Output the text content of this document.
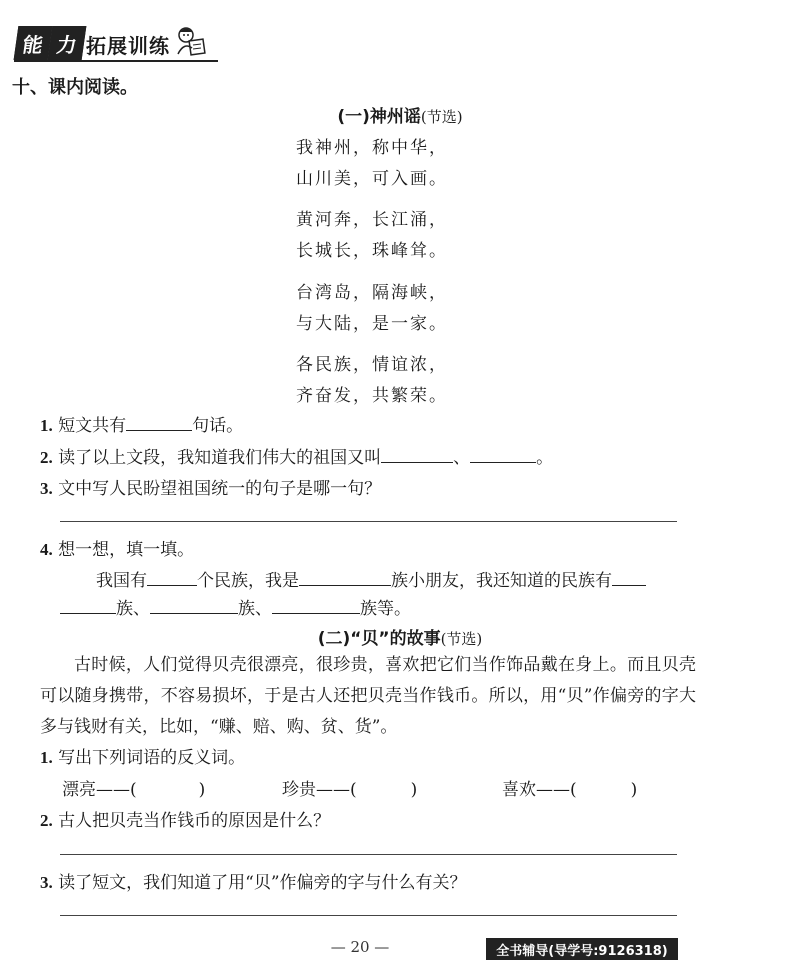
能 力 拓展训练
十、课内阅读。
(一)神州谣(节选)
我神州，称中华，
山川美，可入画。
黄河奔，长江涌，
长城长，珠峰耸。
台湾岛，隔海峡，
与大陆，是一家。
各民族，情谊浓，
齐奋发，共繁荣。
1. 短文共有	句话。
2. 读了以上文段，我知道我们伟大的祖国又叫	、	。
3. 文中写人民盼望祖国统一的句子是哪一句？
4. 想一想，填一填。
我国有	个民族，我是	族小朋友，我还知道的民族有
族、	族、	族等。
(二)“贝”的故事(节选)
古时候，人们觉得贝壳很漂亮，很珍贵，喜欢把它们当作饰品戴在身上。而且贝壳可以随身携带，不容易损坏，于是古人还把贝壳当作钱币。所以，用“贝”作偏旁的字大多与钱财有关，比如，“赚、赔、购、贫、货”。
1. 写出下列词语的反义词。
漂亮——(	)	珍贵——(	)	喜欢——(	)
2. 古人把贝壳当作钱币的原因是什么？
3. 读了短文，我们知道了用“贝”作偏旁的字与什么有关？
— 20 —	全书辅导(导学号:9126318)
